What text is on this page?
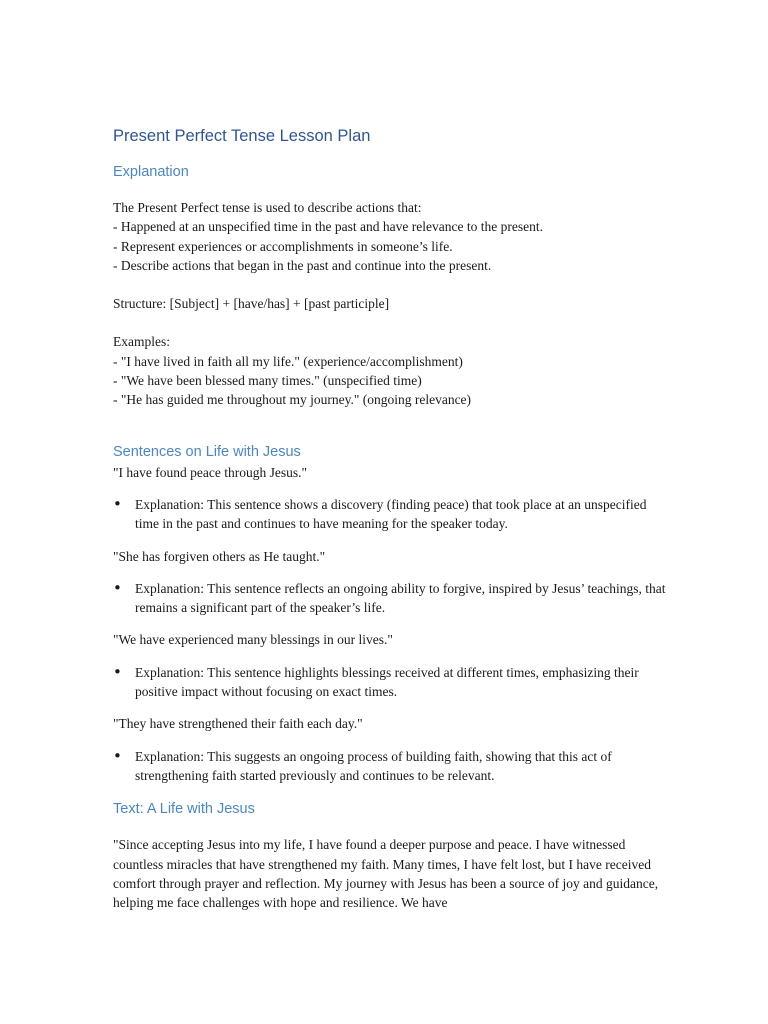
Present Perfect Tense Lesson Plan
Explanation

The Present Perfect tense is used to describe actions that:

- Happened at an unspecified time in the past and have relevance to the present.

- Represent experiences or accomplishments in someone’s life.

- Describe actions that began in the past and continue into the present.

Structure: [Subject] + [have/has] + [past participle]

Examples:

- "I have lived in faith all my life." (experience/accomplishment)

- "We have been blessed many times." (unspecified time)

- "He has guided me throughout my journey." (ongoing relevance)

Sentences on Life with Jesus

"I have found peace through Jesus."

• Explanation: This sentence shows a discovery (finding peace) that took place at an unspecified time in the past and continues to have meaning for the speaker today.

"She has forgiven others as He taught."

• Explanation: This sentence reflects an ongoing ability to forgive, inspired by Jesus’ teachings, that remains a significant part of the speaker’s life.

"We have experienced many blessings in our lives."

• Explanation: This sentence highlights blessings received at different times, emphasizing their positive impact without focusing on exact times.

"They have strengthened their faith each day."

• Explanation: This suggests an ongoing process of building faith, showing that this act of strengthening faith started previously and continues to be relevant.
Text: A Life with Jesus

"Since accepting Jesus into my life, I have found a deeper purpose and peace. I have witnessed countless miracles that have strengthened my faith. Many times, I have felt lost, but I have received comfort through prayer and reflection. My journey with Jesus has been a source of joy and guidance, helping me face challenges with hope and resilience. We have
